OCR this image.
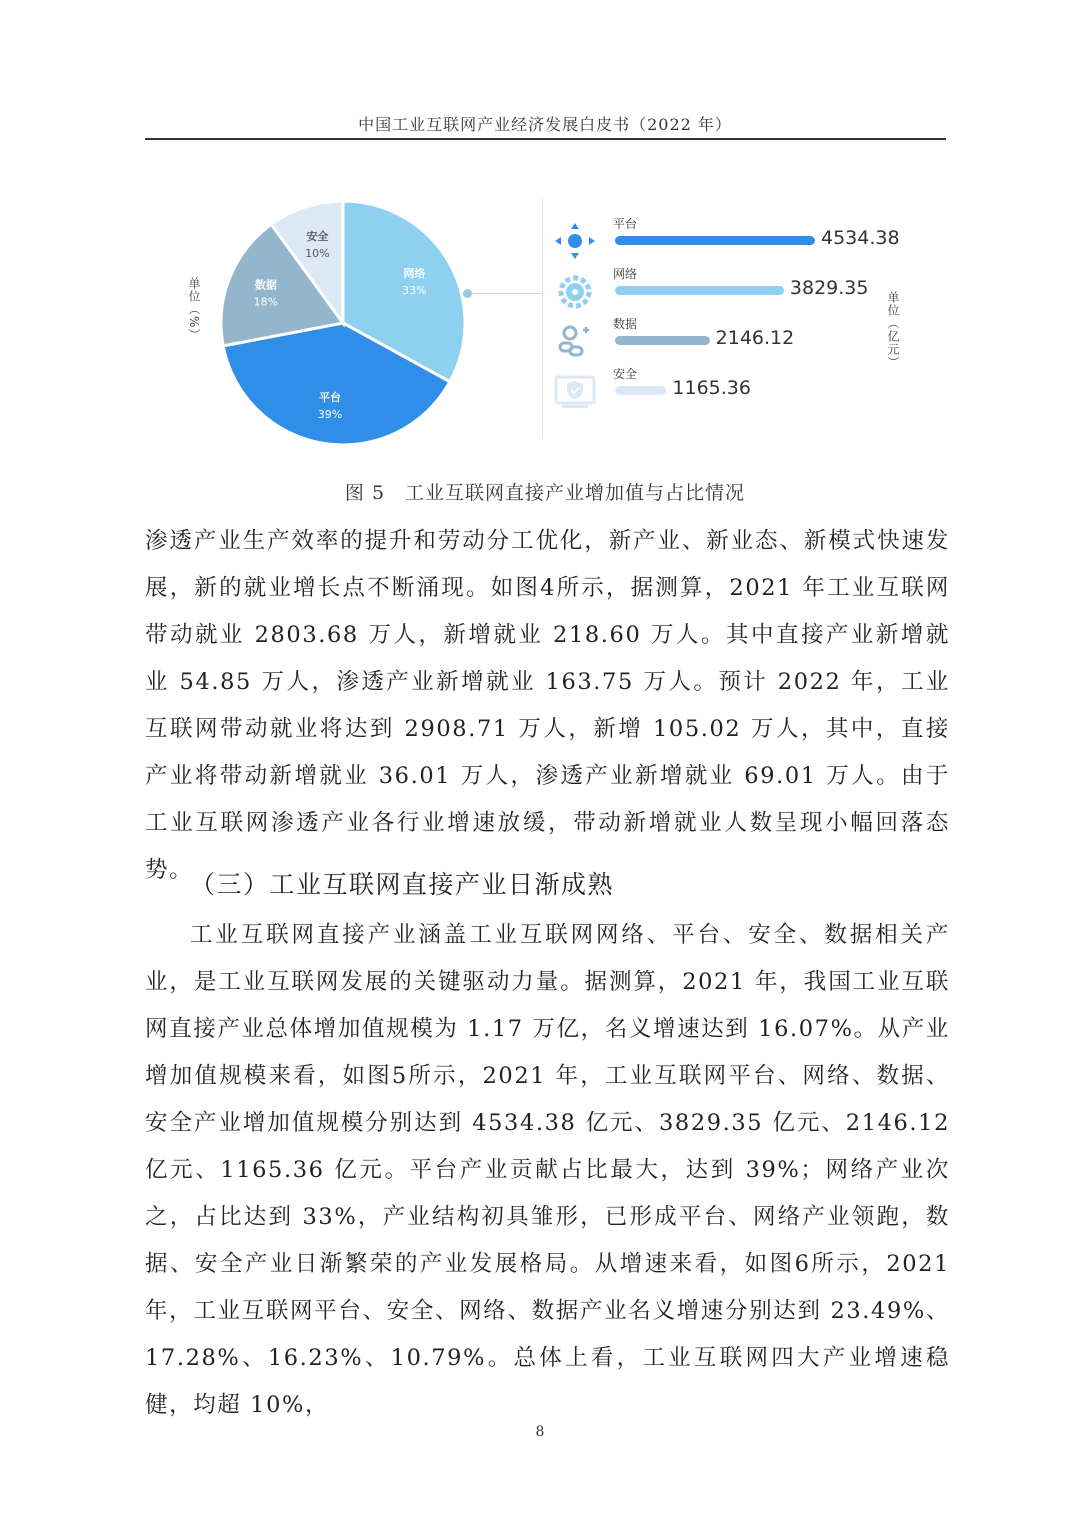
中国工业互联网产业经济发展白皮书（2022 年）
单位（%）
网络
33%
平台
39%
数据
18%
安全
10%
平台
4534.38
网络
3829.35
数据
2146.12
安全
1165.36
单位（亿元）
图 5　工业互联网直接产业增加值与占比情况

渗透产业生产效率的提升和劳动分工优化，新产业、新业态、新模式快速发展，新的就业增长点不断涌现。如图4所示，据测算，2021 年工业互联网带动就业 2803.68 万人，新增就业 218.60 万人。其中直接产业新增就业 54.85 万人，渗透产业新增就业 163.75 万人。预计 2022 年，工业互联网带动就业将达到 2908.71 万人，新增 105.02 万人，其中，直接产业将带动新增就业 36.01 万人，渗透产业新增就业 69.01 万人。由于工业互联网渗透产业各行业增速放缓，带动新增就业人数呈现小幅回落态势。

（三）工业互联网直接产业日渐成熟

工业互联网直接产业涵盖工业互联网网络、平台、安全、数据相关产业，是工业互联网发展的关键驱动力量。据测算，2021 年，我国工业互联网直接产业总体增加值规模为 1.17 万亿，名义增速达到 16.07%。从产业增加值规模来看，如图5所示，2021 年，工业互联网平台、网络、数据、安全产业增加值规模分别达到 4534.38 亿元、3829.35 亿元、2146.12 亿元、1165.36 亿元。平台产业贡献占比最大，达到 39%；网络产业次之，占比达到 33%，产业结构初具雏形，已形成平台、网络产业领跑，数据、安全产业日渐繁荣的产业发展格局。从增速来看，如图6所示，2021 年，工业互联网平台、安全、网络、数据产业名义增速分别达到 23.49%、17.28%、16.23%、10.79%。总体上看，工业互联网四大产业增速稳健，均超 10%，

8
